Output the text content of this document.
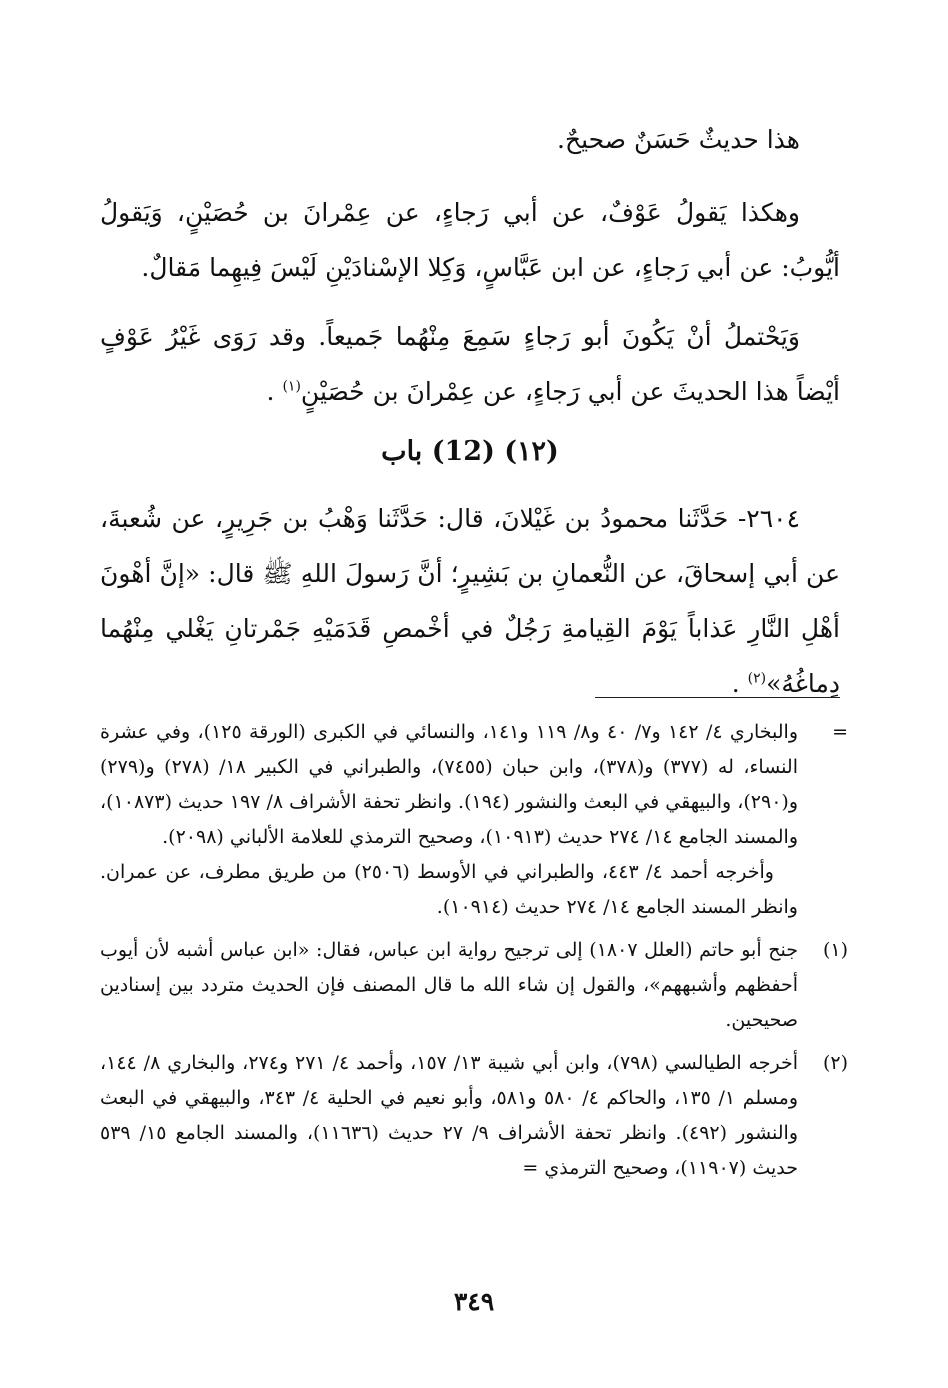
هذا حديثٌ حَسَنٌ صحيحٌ.

وهكذا يَقولُ عَوْفٌ، عن أبي رَجاءٍ، عن عِمْرانَ بن حُصَيْنٍ، وَيَقولُ أيُّوبُ: عن أبي رَجاءٍ، عن ابن عَبَّاسٍ، وَكِلا الإسْنادَيْنِ لَيْسَ فِيهِما مَقالٌ.

وَيَحْتملُ أنْ يَكُونَ أبو رَجاءٍ سَمِعَ مِنْهُما جَميعاً. وقد رَوَى غَيْرُ عَوْفٍ أيْضاً هذا الحديثَ عن أبي رَجاءٍ، عن عِمْرانَ بن حُصَيْنٍ$^{(١)}$ .

(١٢) (12) باب

٢٦٠٤- حَدَّثَنا محمودُ بن غَيْلانَ، قال: حَدَّثَنا وَهْبُ بن جَرِيرٍ، عن شُعبةَ، عن أبي إسحاقَ، عن النُّعمانِ بن بَشِيرٍ؛ أنَّ رَسولَ اللهِ ﷺ قال: «إنَّ أهْونَ أهْلِ النَّارِ عَذاباً يَوْمَ القِيامةِ رَجُلٌ في أخْمصِ قَدَمَيْهِ جَمْرتانِ يَغْلي مِنْهُما دِماغُهُ»$^{(٢)}$ .

=

والبخاري ٤/ ١٤٢ و٧/ ٤٠ و٨/ ١١٩ و١٤١، والنسائي في الكبرى (الورقة ١٢٥)، وفي عشرة النساء، له (٣٧٧) و(٣٧٨)، وابن حبان (٧٤٥٥)، والطبراني في الكبير ١٨/ (٢٧٨) و(٢٧٩) و(٢٩٠)، والبيهقي في البعث والنشور (١٩٤). وانظر تحفة الأشراف ٨/ ١٩٧ حديث (١٠٨٧٣)، والمسند الجامع ١٤/ ٢٧٤ حديث (١٠٩١٣)، وصحيح الترمذي للعلامة الألباني (٢٠٩٨).

وأخرجه أحمد ٤/ ٤٤٣، والطبراني في الأوسط (٢٥٠٦) من طريق مطرف، عن عمران. وانظر المسند الجامع ١٤/ ٢٧٤ حديث (١٠٩١٤).

(١)
جنح أبو حاتم (العلل ١٨٠٧) إلى ترجيح رواية ابن عباس، فقال: «ابن عباس أشبه لأن أيوب أحفظهم وأشبههم»، والقول إن شاء الله ما قال المصنف فإن الحديث متردد بين إسنادين صحيحين.
(٢)
أخرجه الطيالسي (٧٩٨)، وابن أبي شيبة ١٣/ ١٥٧، وأحمد ٤/ ٢٧١ و٢٧٤، والبخاري ٨/ ١٤٤، ومسلم ١/ ١٣٥، والحاكم ٤/ ٥٨٠ و٥٨١، وأبو نعيم في الحلية ٤/ ٣٤٣، والبيهقي في البعث والنشور (٤٩٢). وانظر تحفة الأشراف ٩/ ٢٧ حديث (١١٦٣٦)، والمسند الجامع ١٥/ ٥٣٩ حديث (١١٩٠٧)، وصحيح الترمذي =
٣٤٩
